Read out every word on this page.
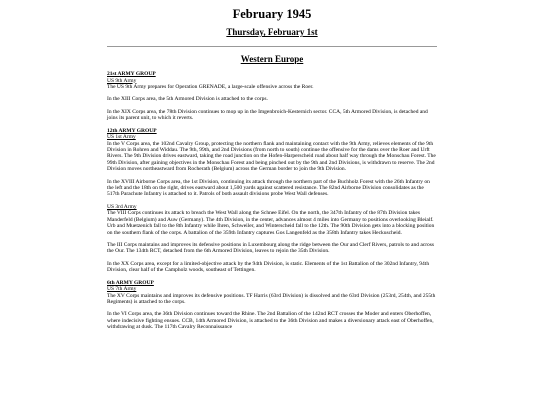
February 1945
Thursday, February 1st
Western Europe
21st ARMY GROUP
US 9th Army

The US 9th Army prepares for Operation GRENADE, a large-scale offensive across the Roer.

In the XIII Corps area, the 5th Armored Division is attached to the corps.

In the XIX Corps area, the 78th Division continues to mop up in the Imgenbroich-Kesternich sector. CCA, 5th Armored Division, is detached and joins its parent unit, to which it reverts.

12th ARMY GROUP
US 1st Army

In the V Corps area, the 102nd Cavalry Group, protecting the northern flank and maintaining contact with the 9th Army, relieves elements of the 9th Division in Rohren and Widdau. The 9th, 99th, and 2nd Divisions (from north to south) continue the offensive for the dams over the Roer and Urft Rivers. The 9th Division drives eastward, taking the road junction on the Hofen-Harperscheid road about half way through the Monschau Forest. The 99th Division, after gaining objectives in the Monschau Forest and being pinched out by the 9th and 2nd Divisions, is withdrawn to reserve. The 2nd Division moves northeastward from Rocherath (Belgium) across the German border to join the 9th Division.

In the XVIII Airborne Corps area, the 1st Division, continuing its attack through the northern part of the Buchholz Forest with the 26th Infantry on the left and the 18th on the right, drives eastward about 1,500 yards against scattered resistance. The 82nd Airborne Division consolidates as the 517th Parachute Infantry is attached to it. Patrols of both assault divisions probe West Wall defenses.

US 3rd Army

The VIII Corps continues its attack to breach the West Wall along the Schnee Eifel. On the north, the 347th Infantry of the 87th Division takes Manderfeld (Belgium) and Auw (Germany). The 4th Division, in the center, advances almost 4 miles into Germany to positions overlooking Bleialf. Urb and Muetzenich fall to the 8th Infantry while Ihren, Schweiler, and Winterscheid fall to the 12th. The 90th Division gets into a blocking position on the southern flank of the corps. A battalion of the 359th Infantry captures Gos Langenfeld as the 358th Infantry takes Heckuscheid.

The III Corps maintains and improves its defensive positions in Luxembourg along the ridge between the Our and Clerf Rivers, patrols to and across the Our. The 134th RCT, detached from the 6th Armored Division, leaves to rejoin the 35th Division.

In the XX Corps area, except for a limited-objective attack by the 94th Division, is static. Elements of the 1st Battalion of the 302nd Infantry, 94th Division, clear half of the Campholz woods, southeast of Tettingen.

6th ARMY GROUP
US 7th Army

The XV Corps maintains and improves its defensive positions. TF Harris (63rd Division) is dissolved and the 63rd Division (253rd, 254th, and 255th Regiments) is attached to the corps.

In the VI Corps area, the 36th Division continues toward the Rhine. The 2nd Battalion of the 142nd RCT crosses the Moder and enters Oberhoffen, where indecisive fighting ensues. CCB, 14th Armored Division, is attached to the 36th Division and makes a diversionary attack east of Oberhoffen, withdrawing at dusk. The 117th Cavalry Reconnaissance
